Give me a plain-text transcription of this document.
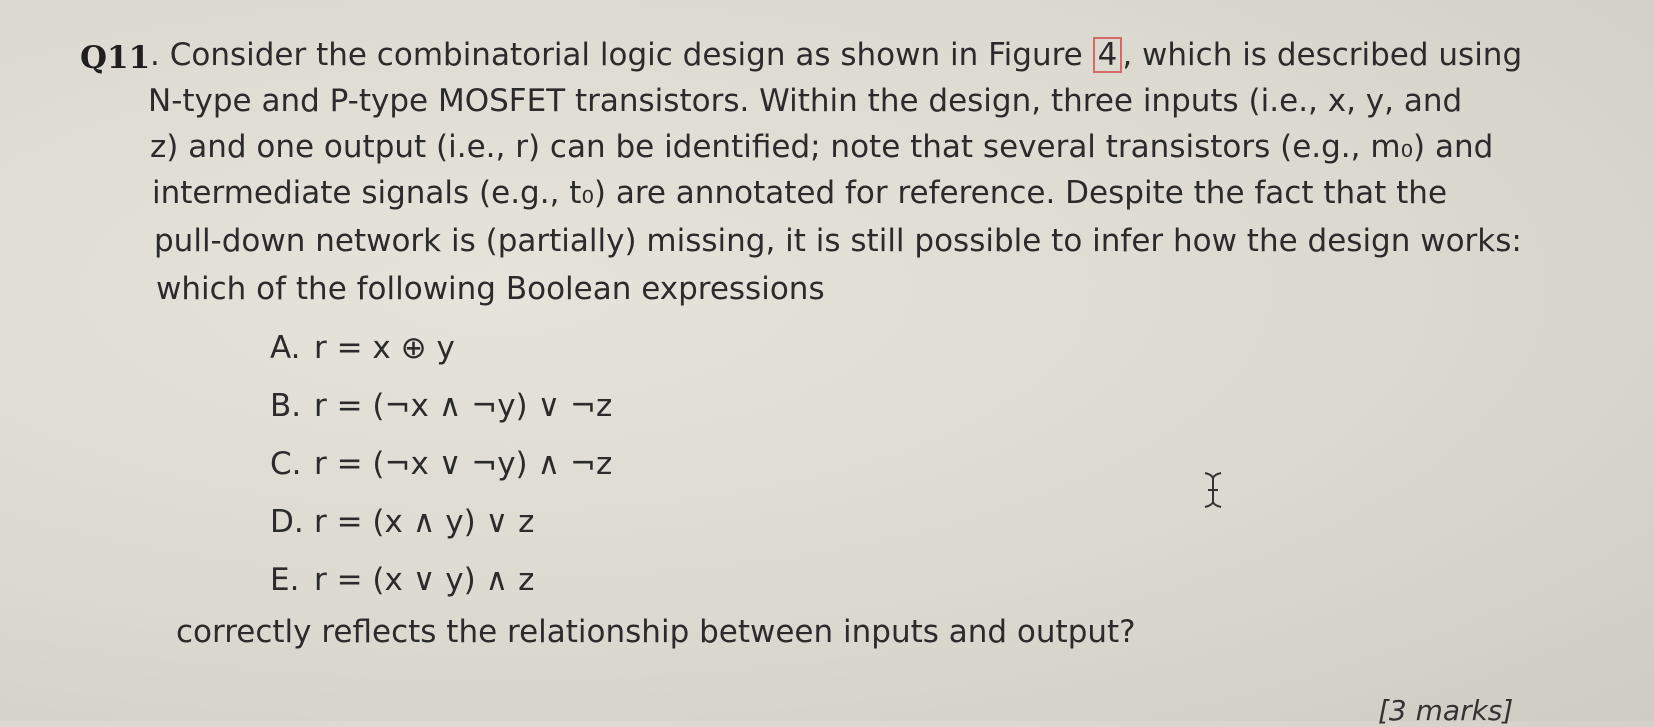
Q11 . Consider the combinatorial logic design as shown in Figure 4 , which is described using
N-type and P-type MOSFET transistors. Within the design, three inputs (i.e., x, y, and
z) and one output (i.e., r) can be identified; note that several transistors (e.g., m₀) and
intermediate signals (e.g., t₀) are annotated for reference. Despite the fact that the
pull-down network is (partially) missing, it is still possible to infer how the design works:
which of the following Boolean expressions
A. r = x ⊕ y
B. r = (¬x ∧ ¬y) ∨ ¬z
C. r = (¬x ∨ ¬y) ∧ ¬z
D. r = (x ∧ y) ∨ z
E. r = (x ∨ y) ∧ z
correctly reflects the relationship between inputs and output?
[3 marks]
